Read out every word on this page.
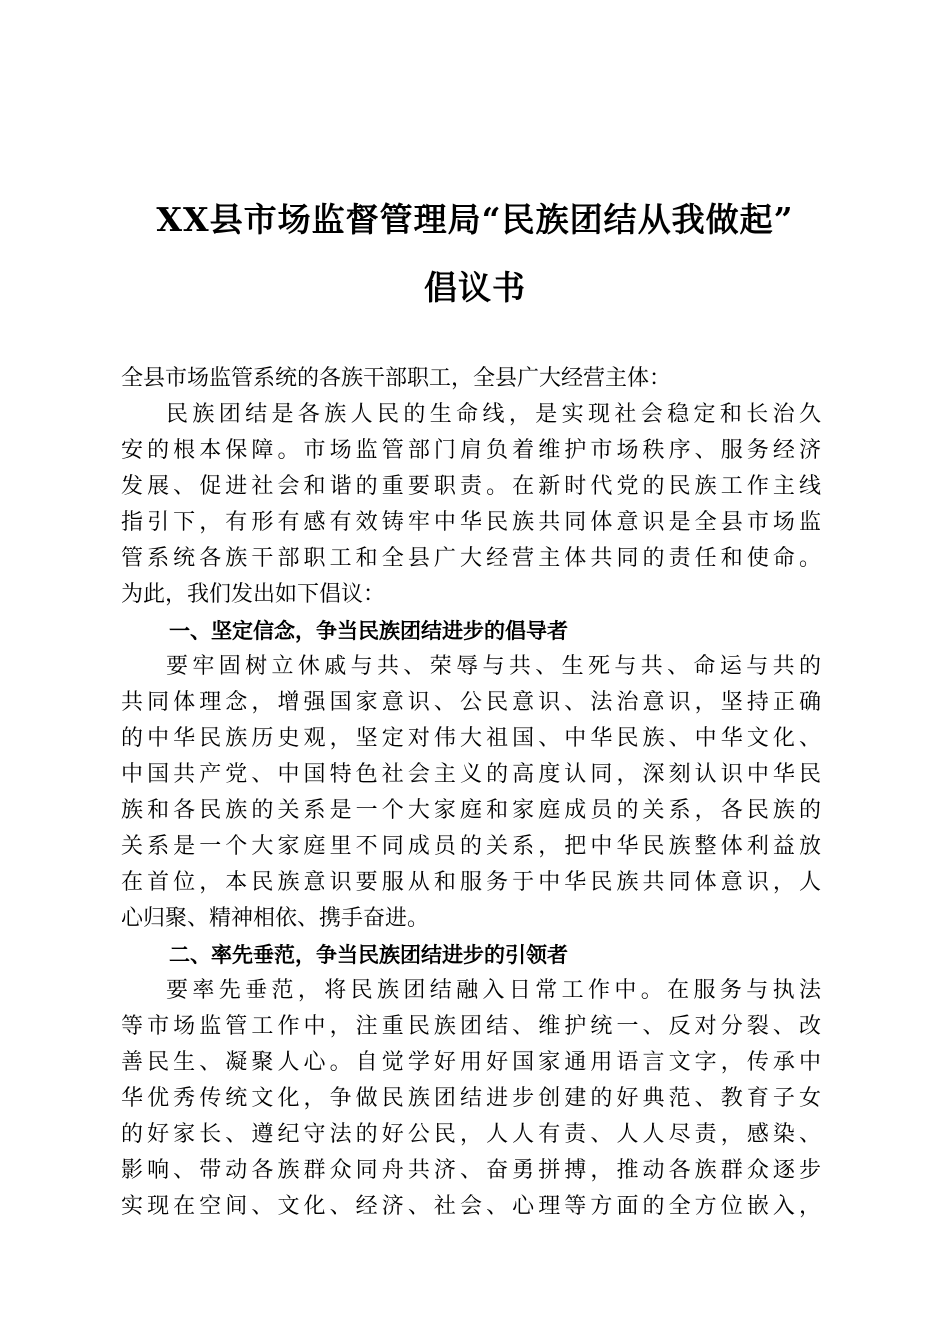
XX县市场监督管理局“民族团结从我做起”
倡议书
全县市场监管系统的各族干部职工，全县广大经营主体：
民族团结是各族人民的生命线，是实现社会稳定和长治久
安的根本保障。市场监管部门肩负着维护市场秩序、服务经济
发展、促进社会和谐的重要职责。在新时代党的民族工作主线
指引下，有形有感有效铸牢中华民族共同体意识是全县市场监
管系统各族干部职工和全县广大经营主体共同的责任和使命。
为此，我们发出如下倡议：
一、坚定信念，争当民族团结进步的倡导者
要牢固树立休戚与共、荣辱与共、生死与共、命运与共的
共同体理念，增强国家意识、公民意识、法治意识，坚持正确
的中华民族历史观，坚定对伟大祖国、中华民族、中华文化、
中国共产党、中国特色社会主义的高度认同，深刻认识中华民
族和各民族的关系是一个大家庭和家庭成员的关系，各民族的
关系是一个大家庭里不同成员的关系，把中华民族整体利益放
在首位，本民族意识要服从和服务于中华民族共同体意识，人
心归聚、精神相依、携手奋进。
二、率先垂范，争当民族团结进步的引领者
要率先垂范，将民族团结融入日常工作中。在服务与执法
等市场监管工作中，注重民族团结、维护统一、反对分裂、改
善民生、凝聚人心。自觉学好用好国家通用语言文字，传承中
华优秀传统文化，争做民族团结进步创建的好典范、教育子女
的好家长、遵纪守法的好公民，人人有责、人人尽责，感染、
影响、带动各族群众同舟共济、奋勇拼搏，推动各族群众逐步
实现在空间、文化、经济、社会、心理等方面的全方位嵌入，
